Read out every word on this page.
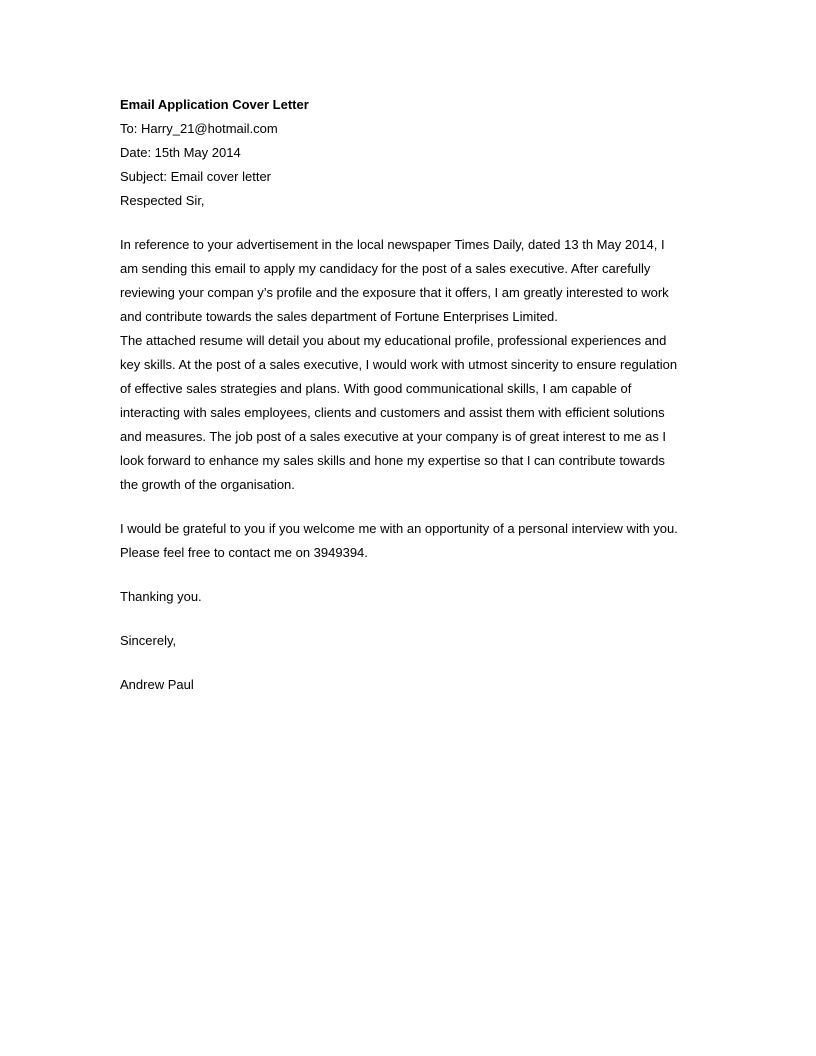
Email Application Cover Letter

To: Harry_21@hotmail.com

Date: 15th May 2014

Subject: Email cover letter

Respected Sir,

In reference to your advertisement in the local newspaper Times Daily, dated 13 th May 2014, I

am sending this email to apply my candidacy for the post of a sales executive. After carefully

reviewing your compan y’s profile and the exposure that it offers, I am greatly interested to work

and contribute towards the sales department of Fortune Enterprises Limited.

The attached resume will detail you about my educational profile, professional experiences and

key skills. At the post of a sales executive, I would work with utmost sincerity to ensure regulation

of effective sales strategies and plans. With good communicational skills, I am capable of

interacting with sales employees, clients and customers and assist them with efficient solutions

and measures. The job post of a sales executive at your company is of great interest to me as I

look forward to enhance my sales skills and hone my expertise so that I can contribute towards

the growth of the organisation.

I would be grateful to you if you welcome me with an opportunity of a personal interview with you.

Please feel free to contact me on 3949394.

Thanking you.

Sincerely,

Andrew Paul
